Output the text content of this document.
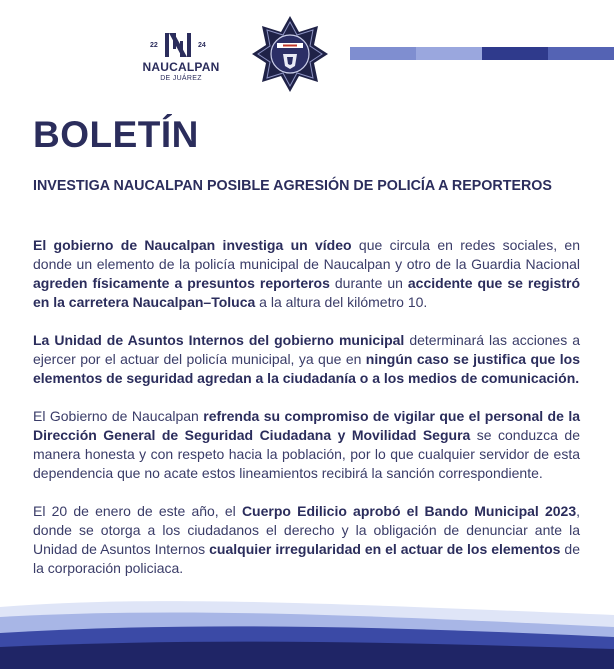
22	24
NAUCALPAN
DE JUÁREZ
BOLETÍN
INVESTIGA NAUCALPAN POSIBLE AGRESIÓN DE POLICÍA A REPORTEROS

El gobierno de Naucalpan investiga un vídeo que circula en redes sociales, en donde un elemento de la policía municipal de Naucalpan y otro de la Guardia Nacional agreden físicamente a presuntos reporteros durante un accidente que se registró en la carretera Naucalpan–Toluca a la altura del kilómetro 10.

La Unidad de Asuntos Internos del gobierno municipal determinará las acciones a ejercer por el actuar del policía municipal, ya que en ningún caso se justifica que los elementos de seguridad agredan a la ciudadanía o a los medios de comunicación.

El Gobierno de Naucalpan refrenda su compromiso de vigilar que el personal de la Dirección General de Seguridad Ciudadana y Movilidad Segura se conduzca de manera honesta y con respeto hacia la población, por lo que cualquier servidor de esta dependencia que no acate estos lineamientos recibirá la sanción correspondiente.

El 20 de enero de este año, el Cuerpo Edilicio aprobó el Bando Municipal 2023, donde se otorga a los ciudadanos el derecho y la obligación de denunciar ante la Unidad de Asuntos Internos cualquier irregularidad en el actuar de los elementos de la corporación policiaca.
